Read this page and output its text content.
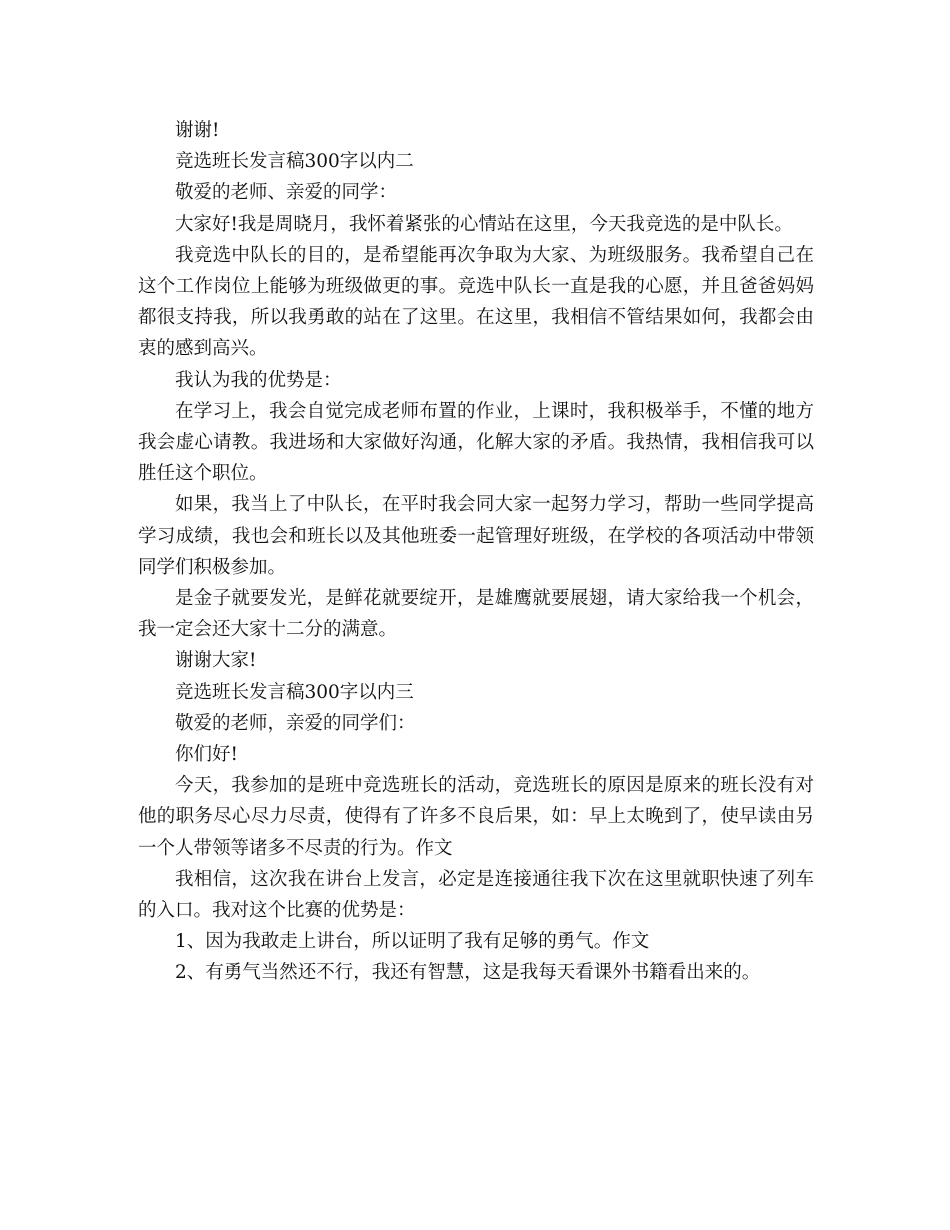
谢谢!

竞选班长发言稿300字以内二

敬爱的老师、亲爱的同学：

大家好!我是周晓月，我怀着紧张的心情站在这里，今天我竞选的是中队长。

我竞选中队长的目的，是希望能再次争取为大家、为班级服务。我希望自己在这个工作岗位上能够为班级做更的事。竞选中队长一直是我的心愿，并且爸爸妈妈都很支持我，所以我勇敢的站在了这里。在这里，我相信不管结果如何，我都会由衷的感到高兴。

我认为我的优势是：

在学习上，我会自觉完成老师布置的作业，上课时，我积极举手，不懂的地方我会虚心请教。我进场和大家做好沟通，化解大家的矛盾。我热情，我相信我可以胜任这个职位。

如果，我当上了中队长，在平时我会同大家一起努力学习，帮助一些同学提高学习成绩，我也会和班长以及其他班委一起管理好班级，在学校的各项活动中带领同学们积极参加。

是金子就要发光，是鲜花就要绽开，是雄鹰就要展翅，请大家给我一个机会，我一定会还大家十二分的满意。

谢谢大家!

竞选班长发言稿300字以内三

敬爱的老师，亲爱的同学们：

你们好!

今天，我参加的是班中竞选班长的活动，竞选班长的原因是原来的班长没有对他的职务尽心尽力尽责，使得有了许多不良后果，如：早上太晚到了，使早读由另一个人带领等诸多不尽责的行为。作文

我相信，这次我在讲台上发言，必定是连接通往我下次在这里就职快速了列车的入口。我对这个比赛的优势是：

1、因为我敢走上讲台，所以证明了我有足够的勇气。作文

2、有勇气当然还不行，我还有智慧，这是我每天看课外书籍看出来的。
